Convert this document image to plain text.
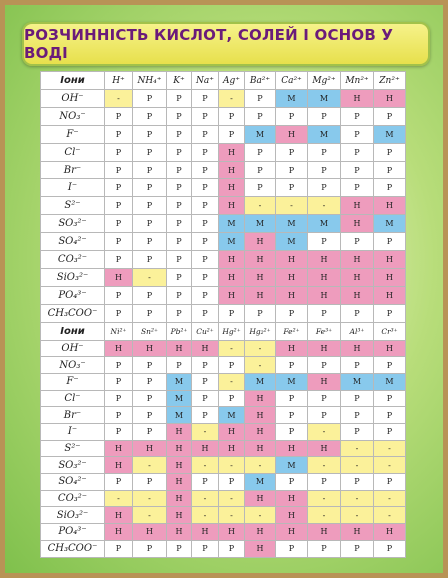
РОЗЧИННІСТЬ КИСЛОТ, СОЛЕЙ І ОСНОВ У ВОДІ
Іони	H⁺	NH₄⁺	K⁺	Na⁺	Ag⁺	Ba²⁺	Ca²⁺	Mg²⁺	Mn²⁺	Zn²⁺
OH⁻	-	P	P	P	-	P	M	M	H	H
NO₃⁻	P	P	P	P	P	P	P	P	P	P
F⁻	P	P	P	P	P	M	H	M	P	M
Cl⁻	P	P	P	P	H	P	P	P	P	P
Br⁻	P	P	P	P	H	P	P	P	P	P
I⁻	P	P	P	P	H	P	P	P	P	P
S²⁻	P	P	P	P	H	-	-	-	H	H
SO₃²⁻	P	P	P	P	M	M	M	M	H	M
SO₄²⁻	P	P	P	P	M	H	M	P	P	P
CO₃²⁻	P	P	P	P	H	H	H	H	H	H
SiO₃²⁻	H	-	P	P	H	H	H	H	H	H
PO₄³⁻	P	P	P	P	H	H	H	H	H	H
CH₃COO⁻	P	P	P	P	P	P	P	P	P	P
Іони	Ni²⁺	Sn²⁺	Pb²⁺	Cu²⁺	Hg²⁺	Hg₂²⁺	Fe²⁺	Fe³⁺	Al³⁺	Cr³⁺
OH⁻	H	H	H	H	-	-	H	H	H	H
NO₃⁻	P	P	P	P	P	-	P	P	P	P
F⁻	P	P	M	P	-	M	M	H	M	M
Cl⁻	P	P	M	P	P	H	P	P	P	P
Br⁻	P	P	M	P	M	H	P	P	P	P
I⁻	P	P	H	-	H	H	P	-	P	P
S²⁻	H	H	H	H	H	H	H	H	-	-
SO₃²⁻	H	-	H	-	-	-	M	-	-	-
SO₄²⁻	P	P	H	P	P	M	P	P	P	P
CO₃²⁻	-	-	H	-	-	H	H	-	-	-
SiO₃²⁻	H	-	H	-	-	-	H	-	-	-
PO₄³⁻	H	H	H	H	H	H	H	H	H	H
CH₃COO⁻	P	P	P	P	P	H	P	P	P	P
